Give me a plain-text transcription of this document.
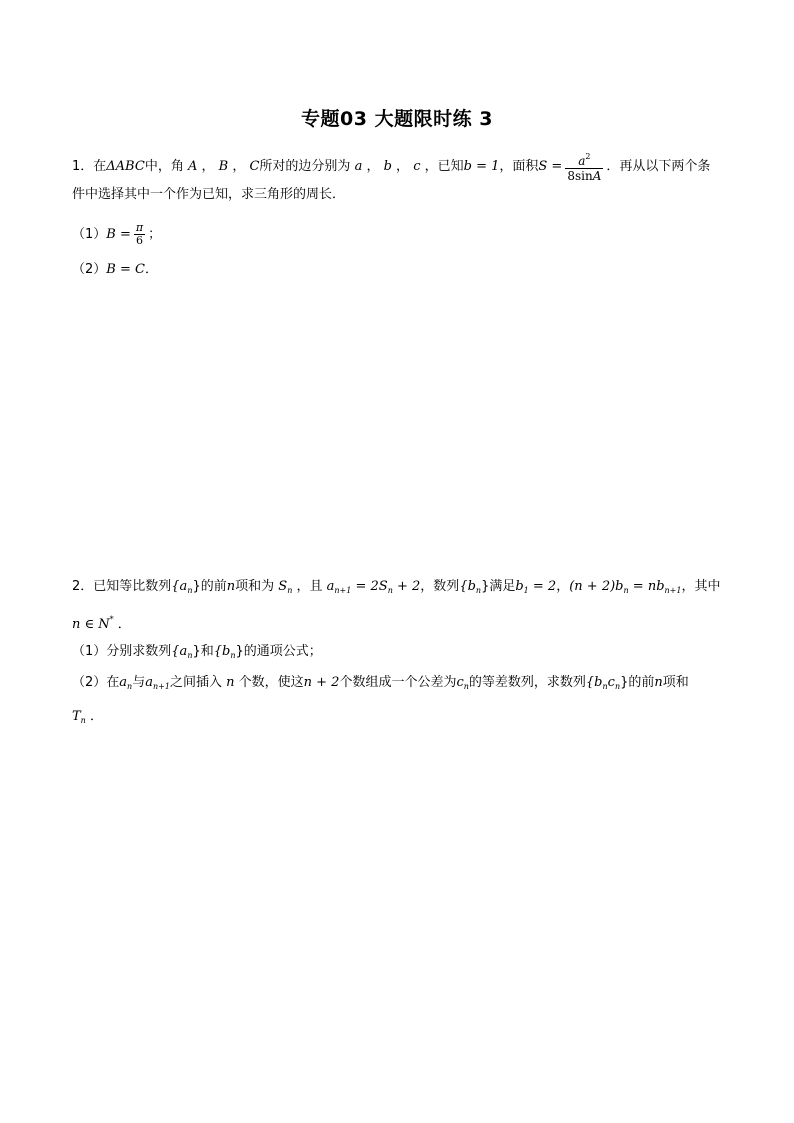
专题03 大题限时练 3
1．在ΔABC中，角 A ， B ， C所对的边分别为 a ， b ， c ，已知b = 1，面积$S = \frac{a^2}{8\sin A}$ ．再从以下两个条
件中选择其中一个作为已知，求三角形的周长．
$(1)B = \frac{\pi}{6}$ ；
（2）B = C．
2．已知等比数列$\{a_n\}$的前n项和为 $S_n$ ，且 $a_{n+1} = 2S_n + 2$，数列$\{b_n\}$满足$b_1 = 2$，$(n + 2)b_n = nb_{n+1}$，其中
n ∈ N* ．
（1）分别求数列$\{a_n\}$和$\{b_n\}$的通项公式；
（2）在$a_n$与$a_{n+1}$之间插入 n 个数，使这n + 2个数组成一个公差为$c_n$的等差数列，求数列$\{b_nc_n\}$的前n项和
$T_n$ ．
